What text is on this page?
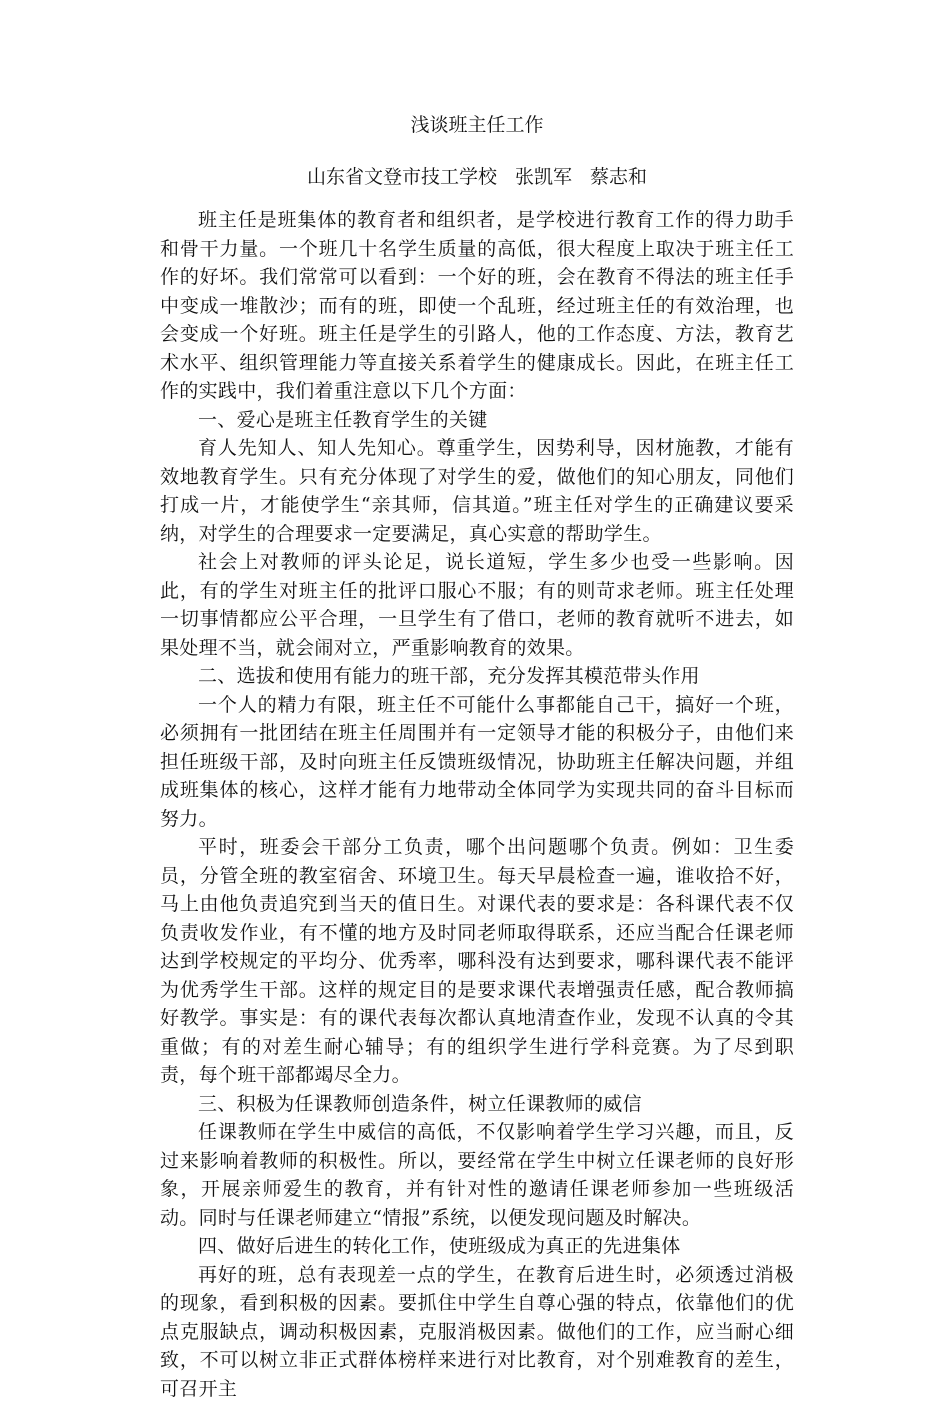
浅谈班主任工作
山东省文登市技工学校 张凯军 蔡志和

班主任是班集体的教育者和组织者，是学校进行教育工作的得力助手和骨干力量。一个班几十名学生质量的高低，很大程度上取决于班主任工作的好坏。我们常常可以看到：一个好的班，会在教育不得法的班主任手中变成一堆散沙；而有的班，即使一个乱班，经过班主任的有效治理，也会变成一个好班。班主任是学生的引路人，他的工作态度、方法，教育艺术水平、组织管理能力等直接关系着学生的健康成长。因此，在班主任工作的实践中，我们着重注意以下几个方面：

一、爱心是班主任教育学生的关键

育人先知人、知人先知心。尊重学生，因势利导，因材施教，才能有效地教育学生。只有充分体现了对学生的爱，做他们的知心朋友，同他们打成一片，才能使学生“亲其师，信其道。”班主任对学生的正确建议要采纳，对学生的合理要求一定要满足，真心实意的帮助学生。

社会上对教师的评头论足，说长道短，学生多少也受一些影响。因此，有的学生对班主任的批评口服心不服；有的则苛求老师。班主任处理一切事情都应公平合理，一旦学生有了借口，老师的教育就听不进去，如果处理不当，就会闹对立，严重影响教育的效果。

二、选拔和使用有能力的班干部，充分发挥其模范带头作用

一个人的精力有限，班主任不可能什么事都能自己干，搞好一个班，必须拥有一批团结在班主任周围并有一定领导才能的积极分子，由他们来担任班级干部，及时向班主任反馈班级情况，协助班主任解决问题，并组成班集体的核心，这样才能有力地带动全体同学为实现共同的奋斗目标而努力。

平时，班委会干部分工负责，哪个出问题哪个负责。例如：卫生委员，分管全班的教室宿舍、环境卫生。每天早晨检查一遍，谁收拾不好，马上由他负责追究到当天的值日生。对课代表的要求是：各科课代表不仅负责收发作业，有不懂的地方及时同老师取得联系，还应当配合任课老师达到学校规定的平均分、优秀率，哪科没有达到要求，哪科课代表不能评为优秀学生干部。这样的规定目的是要求课代表增强责任感，配合教师搞好教学。事实是：有的课代表每次都认真地清查作业，发现不认真的令其重做；有的对差生耐心辅导；有的组织学生进行学科竞赛。为了尽到职责，每个班干部都竭尽全力。

三、积极为任课教师创造条件，树立任课教师的威信

任课教师在学生中威信的高低，不仅影响着学生学习兴趣，而且，反过来影响着教师的积极性。所以，要经常在学生中树立任课老师的良好形象，开展亲师爱生的教育，并有针对性的邀请任课老师参加一些班级活动。同时与任课老师建立“情报”系统，以便发现问题及时解决。

四、做好后进生的转化工作，使班级成为真正的先进集体

再好的班，总有表现差一点的学生，在教育后进生时，必须透过消极的现象，看到积极的因素。要抓住中学生自尊心强的特点，依靠他们的优点克服缺点，调动积极因素，克服消极因素。做他们的工作，应当耐心细致，不可以树立非正式群体榜样来进行对比教育，对个别难教育的差生，可召开主
